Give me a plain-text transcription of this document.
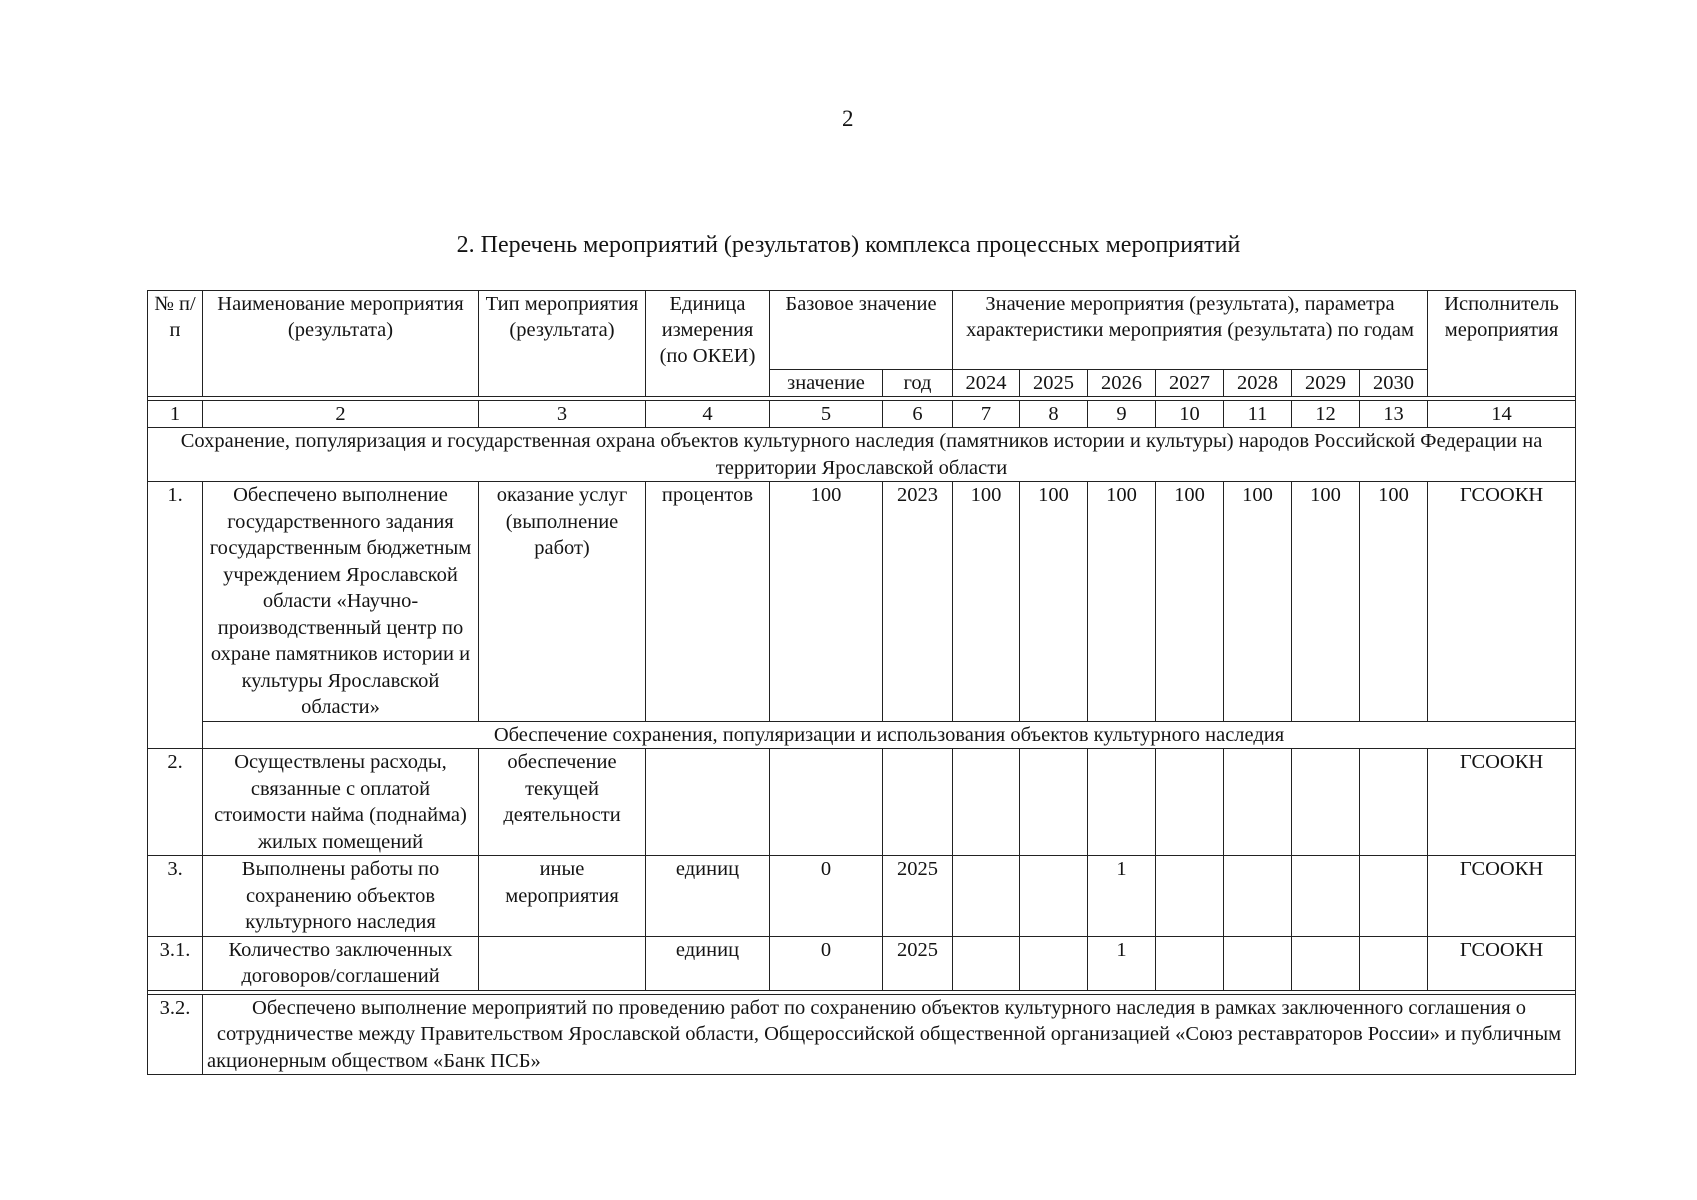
2
2. Перечень мероприятий (результатов) комплекса процессных мероприятий
№ п/п	Наименование мероприятия (результата)	Тип мероприятия (результата)	Единица измерения (по ОКЕИ)	Базовое значение		Значение мероприятия (результата), параметра характеристики мероприятия (результата) по годам							Исполнитель мероприятия
				значение	год	2024	2025	2026	2027	2028	2029	2030	

1	2	3	4	5	6	7	8	9	10	11	12	13	14
Сохранение, популяризация и государственная охрана объектов культурного наследия (памятников истории и культуры) народов Российской Федерации на территории Ярославской области													
1.	Обеспечено выполнение государственного задания государственным бюджетным учреждением Ярославской области «Научно-производственный центр по охране памятников истории и культуры Ярославской области»	оказание услуг (выполнение работ)	процентов	100	2023	100	100	100	100	100	100	100	ГСООКН
	Обеспечение сохранения, популяризации и использования объектов культурного наследия												
2.	Осуществлены расходы, связанные с оплатой стоимости найма (поднайма) жилых помещений	обеспечение текущей деятельности											ГСООКН
3.	Выполнены работы по сохранению объектов культурного наследия	иные мероприятия	единиц	0	2025			1					ГСООКН
3.1.	Количество заключенных договоров/соглашений		единиц	0	2025			1					ГСООКН

3.2.	Обеспечено выполнение мероприятий по проведению работ по сохранению объектов культурного наследия в рамках заключенного соглашения о сотрудничестве между Правительством Ярославской области, Общероссийской общественной организацией «Союз реставраторов России» и публичным акционерным обществом «Банк ПСБ»												
